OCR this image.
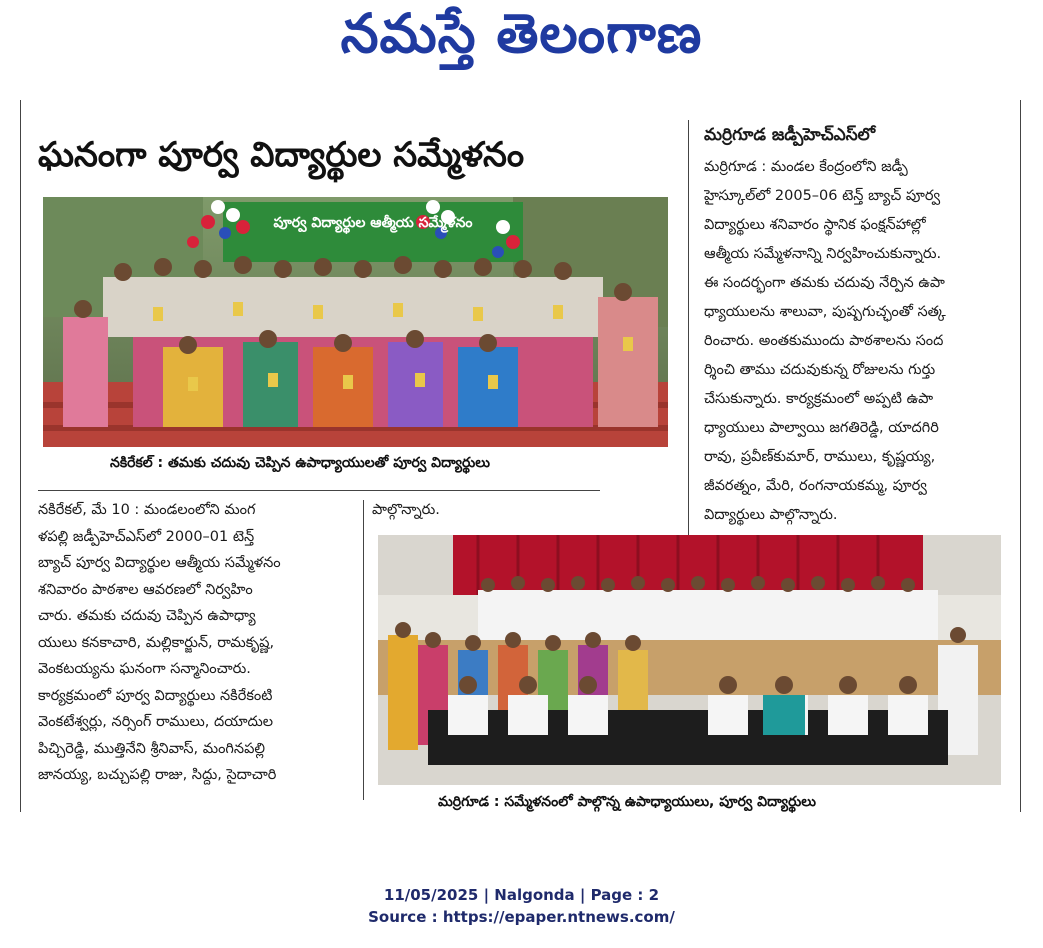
నమస్తే తెలంగాణ
ఘనంగా పూర్వ విద్యార్థుల సమ్మేళనం
పూర్వ విద్యార్థుల ఆత్మీయ సమ్మేళనం
నకిరేకల్ : తమకు చదువు చెప్పిన ఉపాధ్యాయులతో పూర్వ విద్యార్థులు
నకిరేకల్, మే 10 : మండలంలోని మంగ
ళపల్లి జడ్పీహెచ్ఎస్‌లో 2000–01 టెన్త్
బ్యాచ్ పూర్వ విద్యార్థుల ఆత్మీయ సమ్మేళనం
శనివారం పాఠశాల ఆవరణలో నిర్వహిం
చారు. తమకు చదువు చెప్పిన ఉపాధ్యా
యులు కనకాచారి, మల్లికార్జున్, రామకృష్ణ,
వెంకటయ్యను ఘనంగా సన్మానించారు.
కార్యక్రమంలో పూర్వ విద్యార్థులు నకిరేకంటి
వెంకటేశ్వర్లు, నర్సింగ్ రాములు, దయాదుల
పిచ్చిరెడ్డి, ముత్తినేని శ్రీనివాస్, మంగినపల్లి
జానయ్య, బచ్చుపల్లి రాజు, సిద్దు, సైదాచారి
పాల్గొన్నారు.
మర్రిగూడ జడ్పీహెచ్ఎస్‌లో
మర్రిగూడ : మండల కేంద్రంలోని జడ్పీ
హైస్కూల్‌లో 2005–06 టెన్త్ బ్యాచ్ పూర్వ
విద్యార్థులు శనివారం స్థానిక ఫంక్షన్‌హాల్లో
ఆత్మీయ సమ్మేళనాన్ని నిర్వహించుకున్నారు.
ఈ సందర్భంగా తమకు చదువు నేర్పిన ఉపా
ధ్యాయులను శాలువా, పుష్పగుచ్ఛంతో సత్క
రించారు. అంతకుముందు పాఠశాలను సంద
ర్శించి తాము చదువుకున్న రోజులను గుర్తు
చేసుకున్నారు. కార్యక్రమంలో అప్పటి ఉపా
ధ్యాయులు పాల్వాయి జగతిరెడ్డి, యాదగిరి
రావు, ప్రవీణ్‌కుమార్, రాములు, కృష్ణయ్య,
జీవరత్నం, మేరి, రంగనాయకమ్మ, పూర్వ
విద్యార్థులు పాల్గొన్నారు.
మర్రిగూడ : సమ్మేళనంలో పాల్గొన్న ఉపాధ్యాయులు, పూర్వ విద్యార్థులు
11/05/2025 | Nalgonda | Page : 2
Source : https://epaper.ntnews.com/
